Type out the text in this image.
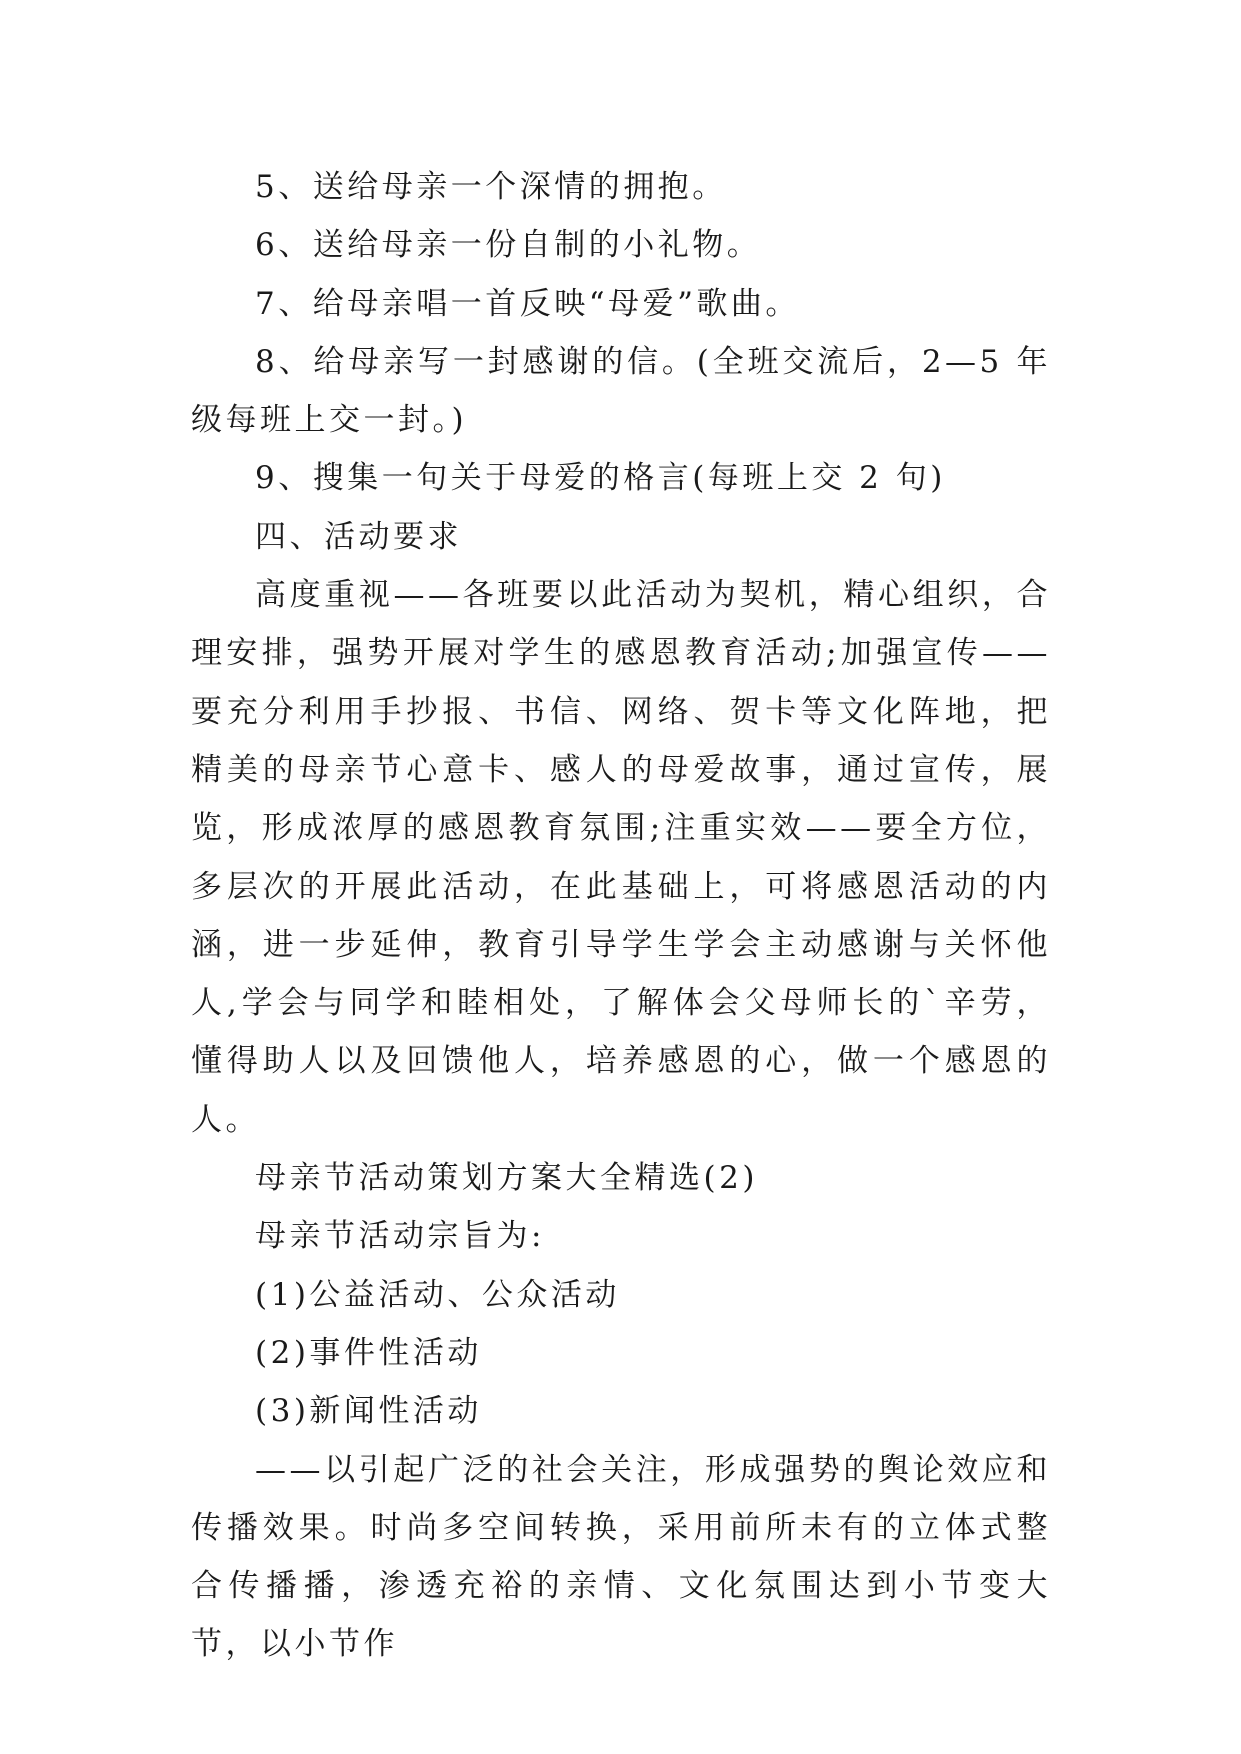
5、送给母亲一个深情的拥抱。

6、送给母亲一份自制的小礼物。

7、给母亲唱一首反映“母爱”歌曲。

8、给母亲写一封感谢的信。(全班交流后，2—5 年级每班上交一封。)

9、搜集一句关于母爱的格言(每班上交 2 句)

四、活动要求

高度重视——各班要以此活动为契机，精心组织，合理安排，强势开展对学生的感恩教育活动;加强宣传——要充分利用手抄报、书信、网络、贺卡等文化阵地，把精美的母亲节心意卡、感人的母爱故事，通过宣传，展览，形成浓厚的感恩教育氛围;注重实效——要全方位，多层次的开展此活动，在此基础上，可将感恩活动的内涵，进一步延伸，教育引导学生学会主动感谢与关怀他人,学会与同学和睦相处，了解体会父母师长的`辛劳，懂得助人以及回馈他人，培养感恩的心，做一个感恩的人。

母亲节活动策划方案大全精选(2)

母亲节活动宗旨为:

(1)公益活动、公众活动

(2)事件性活动

(3)新闻性活动

——以引起广泛的社会关注，形成强势的舆论效应和传播效果。时尚多空间转换，采用前所未有的立体式整合传播播，渗透充裕的亲情、文化氛围达到小节变大节，以小节作
